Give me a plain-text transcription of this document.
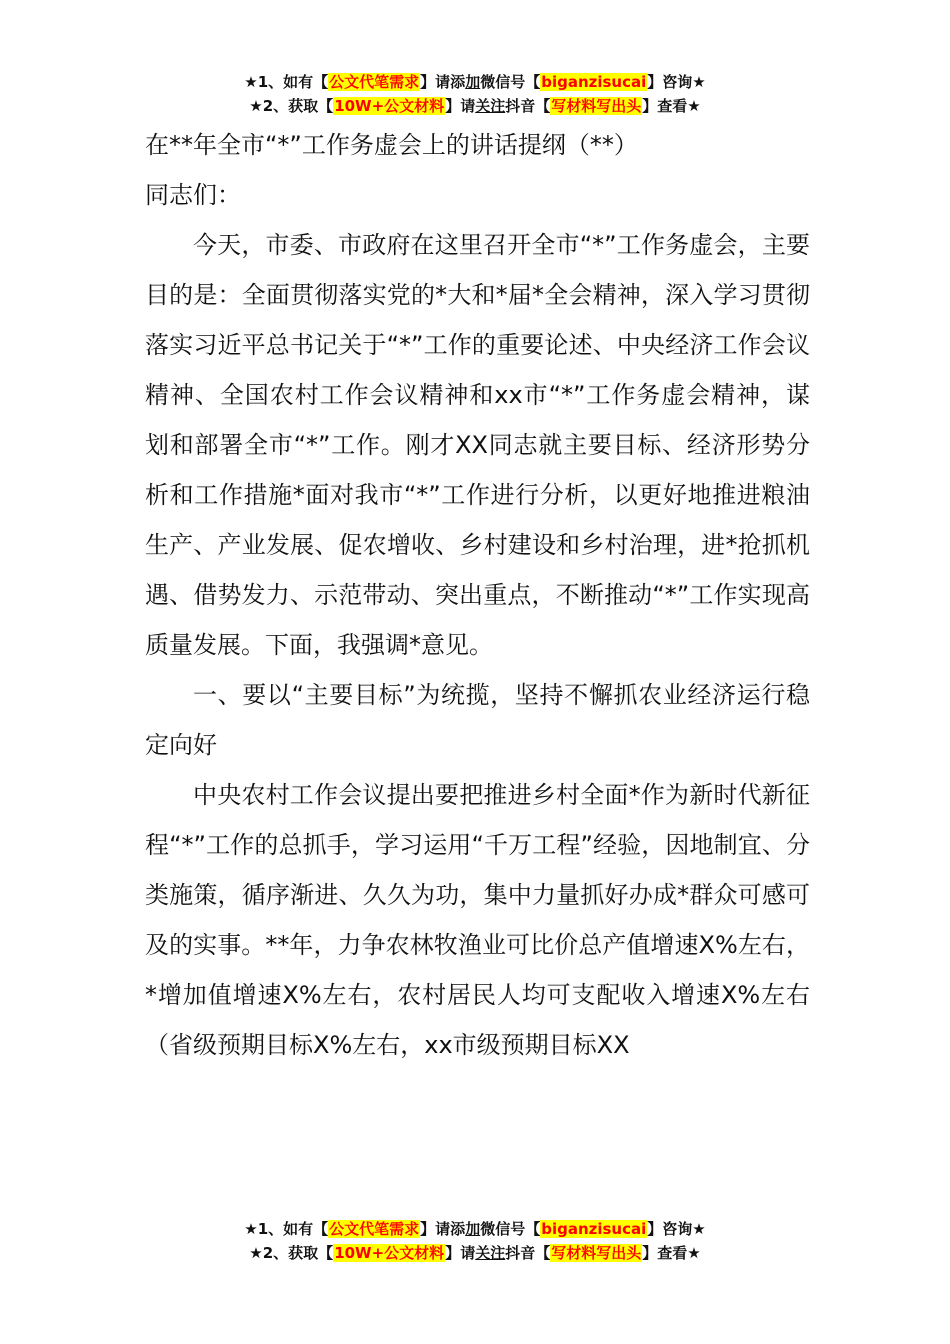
★1、如有【公文代笔需求】请添加微信号【biganzisucai】咨询★
★2、获取【10W+公文材料】请关注抖音【写材料写出头】查看★

在**年全市“*”工作务虚会上的讲话提纲（**）

同志们：

今天，市委、市政府在这里召开全市“*”工作务虚会，主要目的是：全面贯彻落实党的*大和*届*全会精神，深入学习贯彻落实习近平总书记关于“*”工作的重要论述、中央经济工作会议精神、全国农村工作会议精神和xx市“*”工作务虚会精神，谋划和部署全市“*”工作。刚才XX同志就主要目标、经济形势分析和工作措施*面对我市“*”工作进行分析，以更好地推进粮油生产、产业发展、促农增收、乡村建设和乡村治理，进*抢抓机遇、借势发力、示范带动、突出重点，不断推动“*”工作实现高质量发展。下面，我强调*意见。

一、要以“主要目标”为统揽，坚持不懈抓农业经济运行稳定向好

中央农村工作会议提出要把推进乡村全面*作为新时代新征程“*”工作的总抓手，学习运用“千万工程”经验，因地制宜、分类施策，循序渐进、久久为功，集中力量抓好办成*群众可感可及的实事。**年，力争农林牧渔业可比价总产值增速X%左右，*增加值增速X%左右，农村居民人均可支配收入增速X%左右（省级预期目标X%左右，xx市级预期目标XX

★1、如有【公文代笔需求】请添加微信号【biganzisucai】咨询★
★2、获取【10W+公文材料】请关注抖音【写材料写出头】查看★
